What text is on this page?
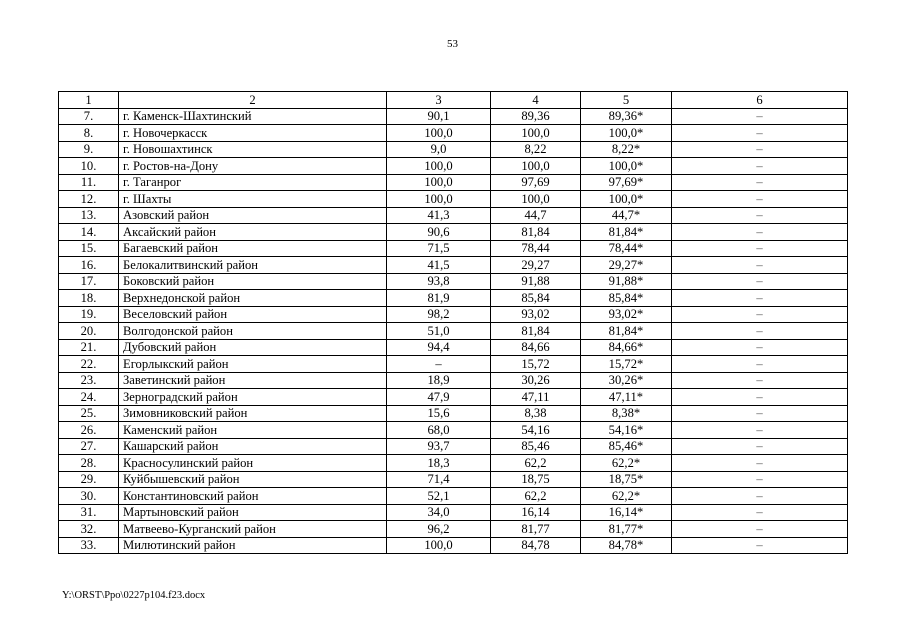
53
1	2	3	4	5	6
7.	г. Каменск-Шахтинский	90,1	89,36	89,36*	–
8.	г. Новочеркасск	100,0	100,0	100,0*	–
9.	г. Новошахтинск	9,0	8,22	8,22*	–
10.	г. Ростов-на-Дону	100,0	100,0	100,0*	–
11.	г. Таганрог	100,0	97,69	97,69*	–
12.	г. Шахты	100,0	100,0	100,0*	–
13.	Азовский район	41,3	44,7	44,7*	–
14.	Аксайский район	90,6	81,84	81,84*	–
15.	Багаевский район	71,5	78,44	78,44*	–
16.	Белокалитвинский район	41,5	29,27	29,27*	–
17.	Боковский район	93,8	91,88	91,88*	–
18.	Верхнедонской район	81,9	85,84	85,84*	–
19.	Веселовский район	98,2	93,02	93,02*	–
20.	Волгодонской район	51,0	81,84	81,84*	–
21.	Дубовский район	94,4	84,66	84,66*	–
22.	Егорлыкский район	–	15,72	15,72*	–
23.	Заветинский район	18,9	30,26	30,26*	–
24.	Зерноградский район	47,9	47,11	47,11*	–
25.	Зимовниковский район	15,6	8,38	8,38*	–
26.	Каменский район	68,0	54,16	54,16*	–
27.	Кашарский район	93,7	85,46	85,46*	–
28.	Красносулинский район	18,3	62,2	62,2*	–
29.	Куйбышевский район	71,4	18,75	18,75*	–
30.	Константиновский район	52,1	62,2	62,2*	–
31.	Мартыновский район	34,0	16,14	16,14*	–
32.	Матвеево-Курганский район	96,2	81,77	81,77*	–
33.	Милютинский район	100,0	84,78	84,78*	–
Y:\ORST\Ppo\0227p104.f23.docx
